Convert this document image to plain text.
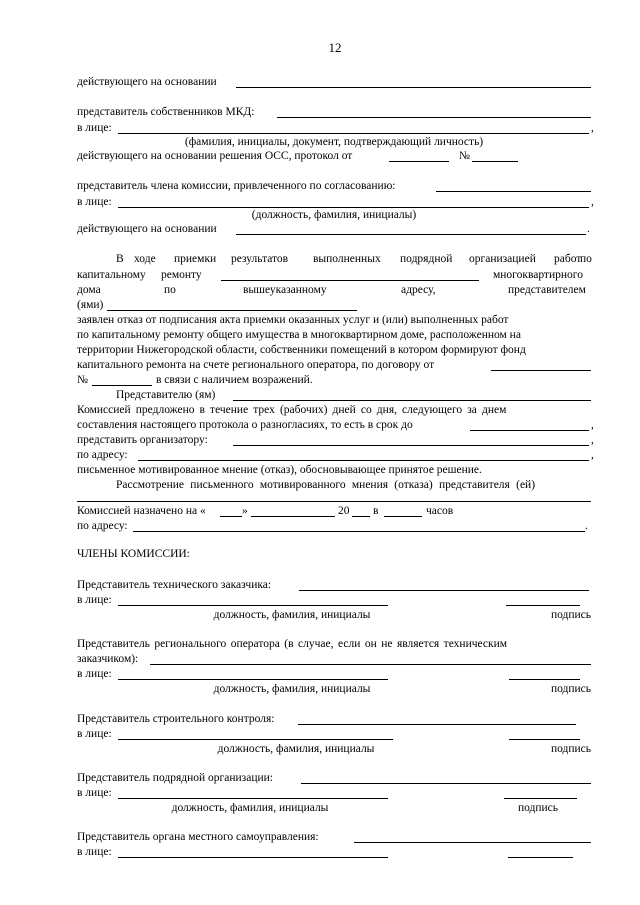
12
действующего на основании
представитель собственников МКД:
в лице:	,
(фамилия, инициалы, документ, подтверждающий личность)
действующего на основании решения ОСС, протокол от	№
представитель члена комиссии, привлеченного по согласованию:
в лице:	,
(должность, фамилия, инициалы)
действующего на основании	.
В ходе приемки результатов выполненных подрядной организацией работ
по
капитальному ремонту	многоквартирного
дома	по	вышеуказанному	адресу,	представителем
(ями)
заявлен отказ от подписания акта приемки оказанных услуг и (или) выполненных работ
по капитальному ремонту общего имущества в многоквартирном доме, расположенном на
территории Нижегородской области, собственники помещений в котором формируют фонд
капитального ремонта на счете регионального оператора, по договору от
№	в связи с наличием возражений.
Представителю (ям)
Комиссией предложено в течение трех (рабочих) дней со дня, следующего за днем
составления настоящего протокола о разногласиях, то есть в срок до	,
представить организатору:	,
по адресу:	,
письменное мотивированное мнение (отказ), обосновывающее принятое решение.
Рассмотрение письменного мотивированного мнения (отказа) представителя (ей)
Комиссией назначено на «	»	20 в	часов
по адресу:	.
ЧЛЕНЫ КОМИССИИ:
Представитель технического заказчика:
в лице:
должность, фамилия, инициалы	подпись
Представитель регионального оператора (в случае, если он не является техническим
заказчиком):
в лице:
должность, фамилия, инициалы	подпись
Представитель строительного контроля:
в лице:
должность, фамилия, инициалы	подпись
Представитель подрядной организации:
в лице:
должность, фамилия, инициалы	подпись
Представитель органа местного самоуправления:
в лице:
